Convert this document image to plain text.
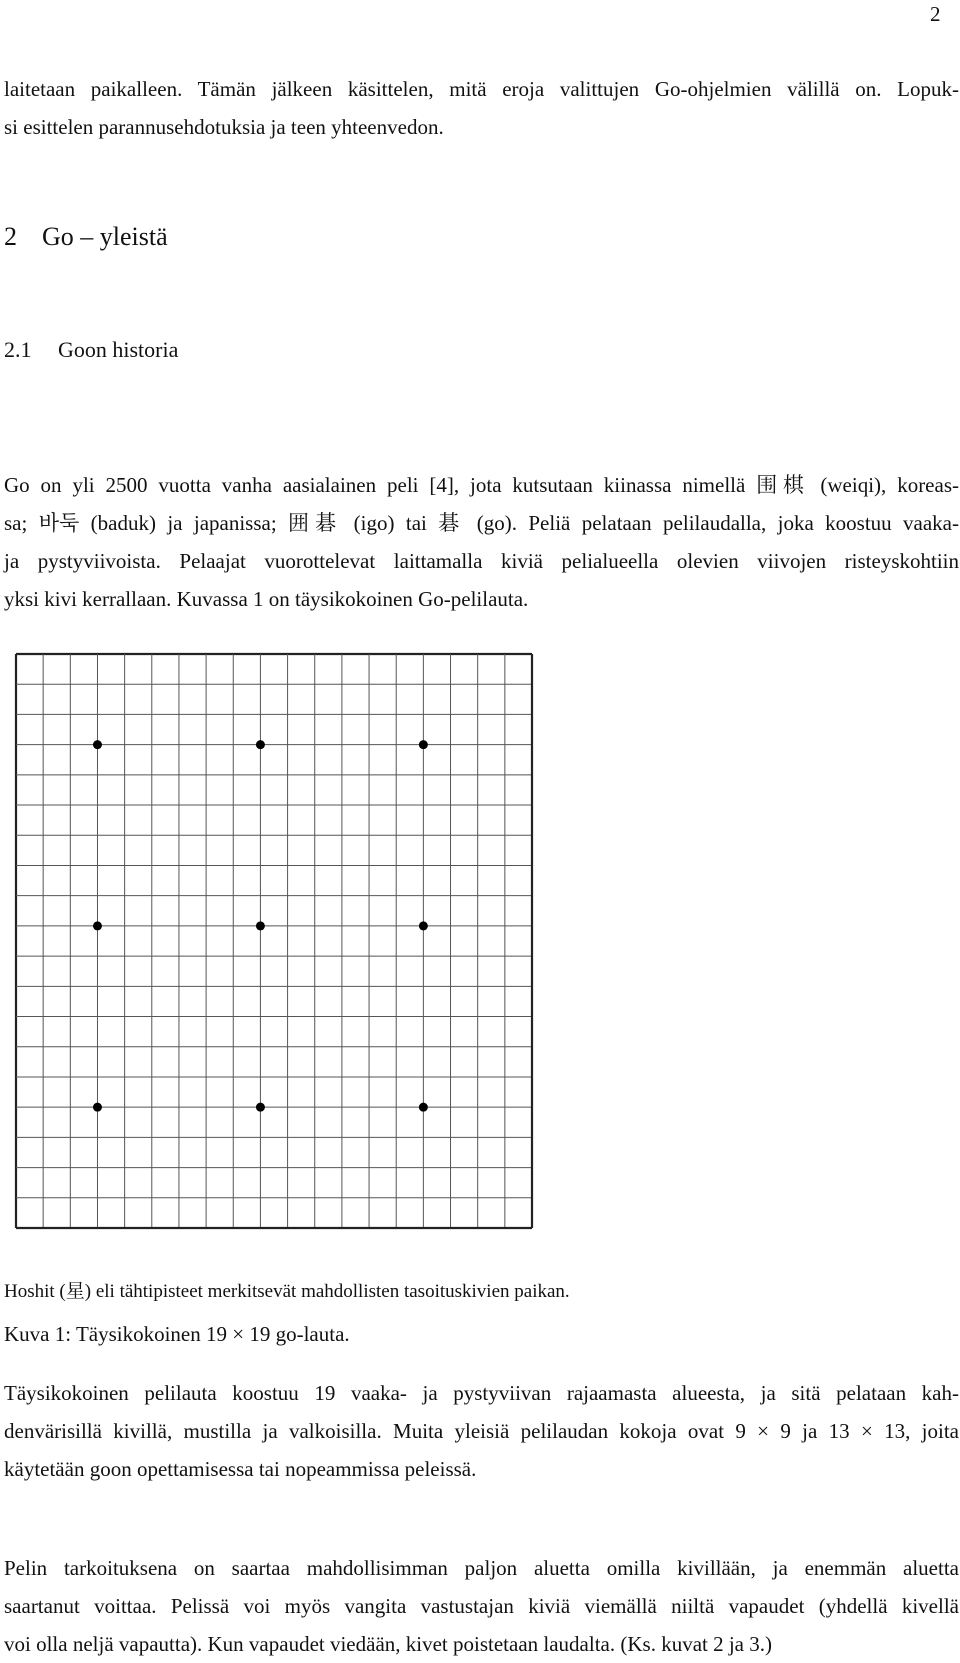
2
laitetaan paikalleen. Tämän jälkeen käsittelen, mitä eroja valittujen Go-ohjelmien välillä on. Lopuk-
si esittelen parannusehdotuksia ja teen yhteenvedon.
2 Go – yleistä
2.1 Goon historia
Go on yli 2500 vuotta vanha aasialainen peli [4], jota kutsutaan kiinassa nimellä 围棋 (weiqi), koreas-
sa; 바둑 (baduk) ja japanissa; 囲碁 (igo) tai 碁 (go). Peliä pelataan pelilaudalla, joka koostuu vaaka-
ja pystyviivoista. Pelaajat vuorottelevat laittamalla kiviä pelialueella olevien viivojen risteyskohtiin
yksi kivi kerrallaan. Kuvassa 1 on täysikokoinen Go-pelilauta.
Hoshit (星) eli tähtipisteet merkitsevät mahdollisten tasoituskivien paikan.
Kuva 1: Täysikokoinen 19 × 19 go-lauta.
Täysikokoinen pelilauta koostuu 19 vaaka- ja pystyviivan rajaamasta alueesta, ja sitä pelataan kah-
denvärisillä kivillä, mustilla ja valkoisilla. Muita yleisiä pelilaudan kokoja ovat 9 × 9 ja 13 × 13, joita
käytetään goon opettamisessa tai nopeammissa peleissä.
Pelin tarkoituksena on saartaa mahdollisimman paljon aluetta omilla kivillään, ja enemmän aluetta
saartanut voittaa. Pelissä voi myös vangita vastustajan kiviä viemällä niiltä vapaudet (yhdellä kivellä
voi olla neljä vapautta). Kun vapaudet viedään, kivet poistetaan laudalta. (Ks. kuvat 2 ja 3.)
